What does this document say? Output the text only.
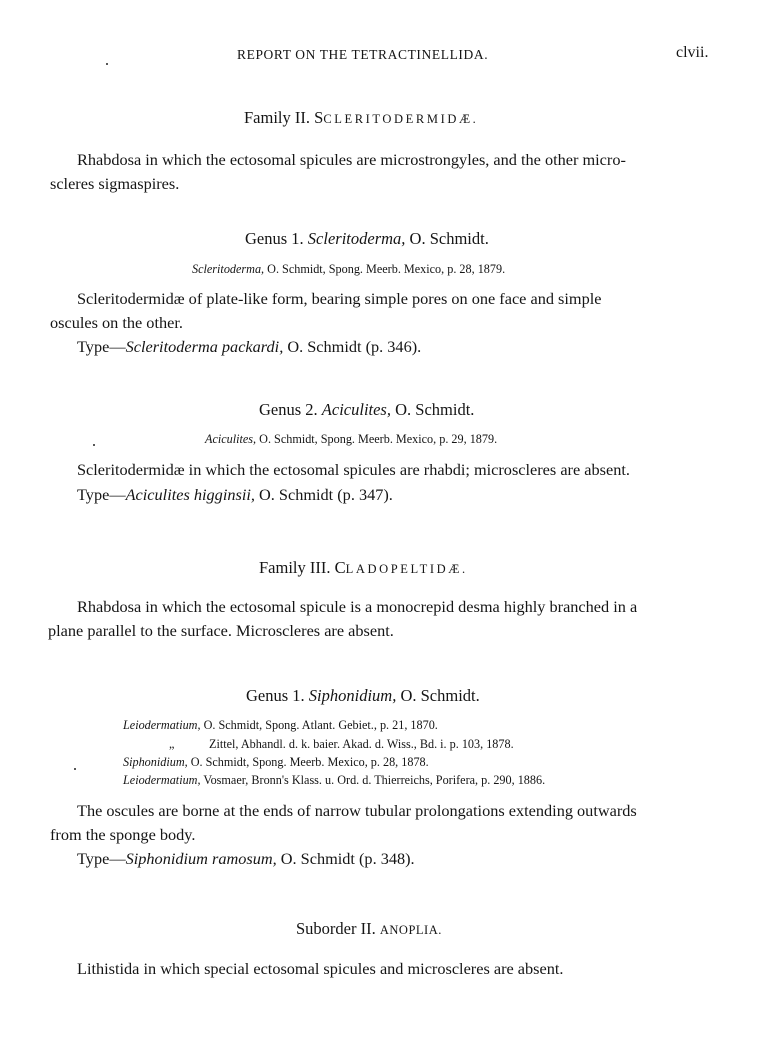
REPORT ON THE TETRACTINELLIDA.	clvii.
Family II. SCLERITODERMIDÆ.
Rhabdosa in which the ectosomal spicules are microstrongyles, and the other micro-
scleres sigmaspires.
Genus 1. Scleritoderma, O. Schmidt.
Scleritoderma, O. Schmidt, Spong. Meerb. Mexico, p. 28, 1879.
Scleritodermidæ of plate-like form, bearing simple pores on one face and simple
oscules on the other.
Type—Scleritoderma packardi, O. Schmidt (p. 346).
Genus 2. Aciculites, O. Schmidt.
Aciculites, O. Schmidt, Spong. Meerb. Mexico, p. 29, 1879.
Scleritodermidæ in which the ectosomal spicules are rhabdi; microscleres are absent.
Type—Aciculites higginsii, O. Schmidt (p. 347).
Family III. CLADOPELTIDÆ.
Rhabdosa in which the ectosomal spicule is a monocrepid desma highly branched in a
plane parallel to the surface. Microscleres are absent.
Genus 1. Siphonidium, O. Schmidt.
Leiodermatium, O. Schmidt, Spong. Atlant. Gebiet., p. 21, 1870.
„	Zittel, Abhandl. d. k. baier. Akad. d. Wiss., Bd. i. p. 103, 1878.
Siphonidium, O. Schmidt, Spong. Meerb. Mexico, p. 28, 1878.
Leiodermatium, Vosmaer, Bronn's Klass. u. Ord. d. Thierreichs, Porifera, p. 290, 1886.
The oscules are borne at the ends of narrow tubular prolongations extending outwards
from the sponge body.
Type—Siphonidium ramosum, O. Schmidt (p. 348).
Suborder II. ANOPLIA.
Lithistida in which special ectosomal spicules and microscleres are absent.
